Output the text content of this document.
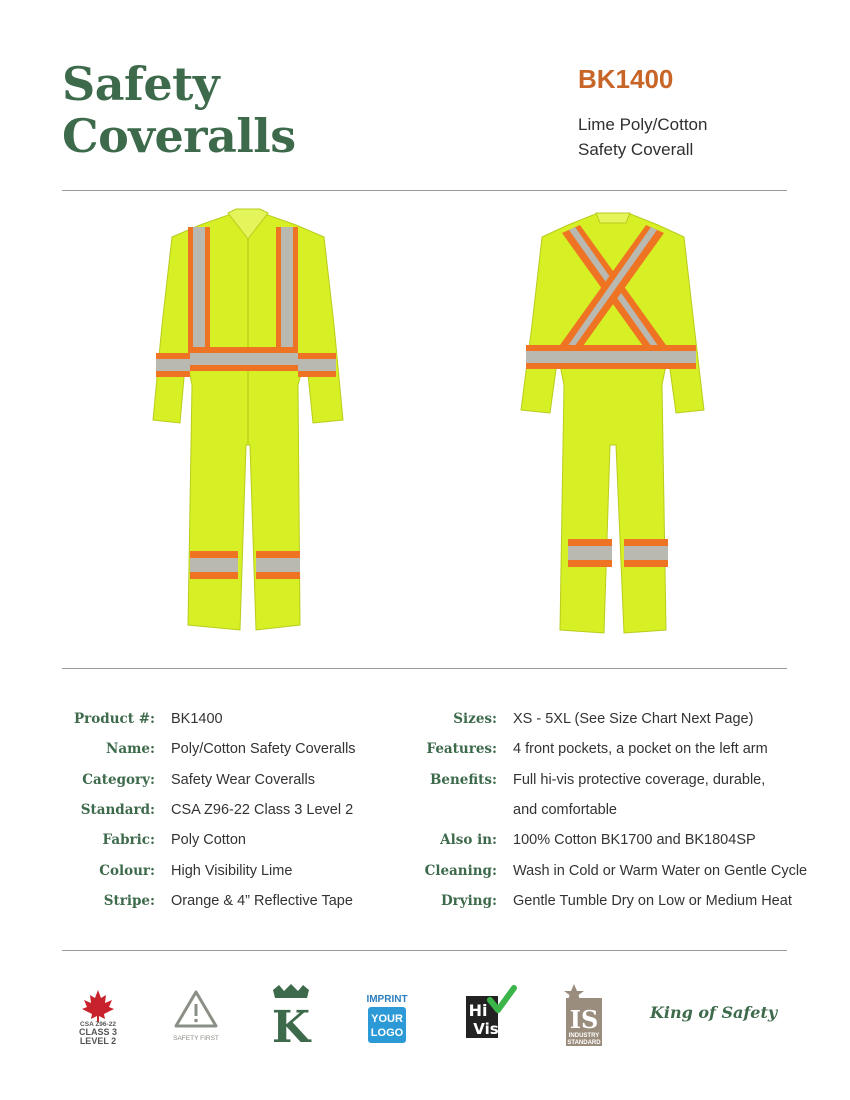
Safety
Coveralls
BK1400
Lime Poly/Cotton
Safety Coverall
Product #: BK1400
Name: Poly/Cotton Safety Coveralls
Category: Safety Wear Coveralls
Standard: CSA Z96-22 Class 3 Level 2
Fabric: Poly Cotton
Colour: High Visibility Lime
Stripe: Orange & 4” Reflective Tape
Sizes: XS - 5XL (See Size Chart Next Page)
Features: 4 front pockets, a pocket on the left arm
Benefits: Full hi-vis protective coverage, durable,
and comfortable
Also in: 100% Cotton BK1700 and BK1804SP
Cleaning: Wash in Cold or Warm Water on Gentle Cycle
Drying: Gentle Tumble Dry on Low or Medium Heat
CSA Z96-22
CLASS 3
LEVEL 2	SAFETY FIRST K
IMPRINT
YOUR
LOGO
Hi
Vis	IS
INDUSTRY
STANDARD
King of Safety
